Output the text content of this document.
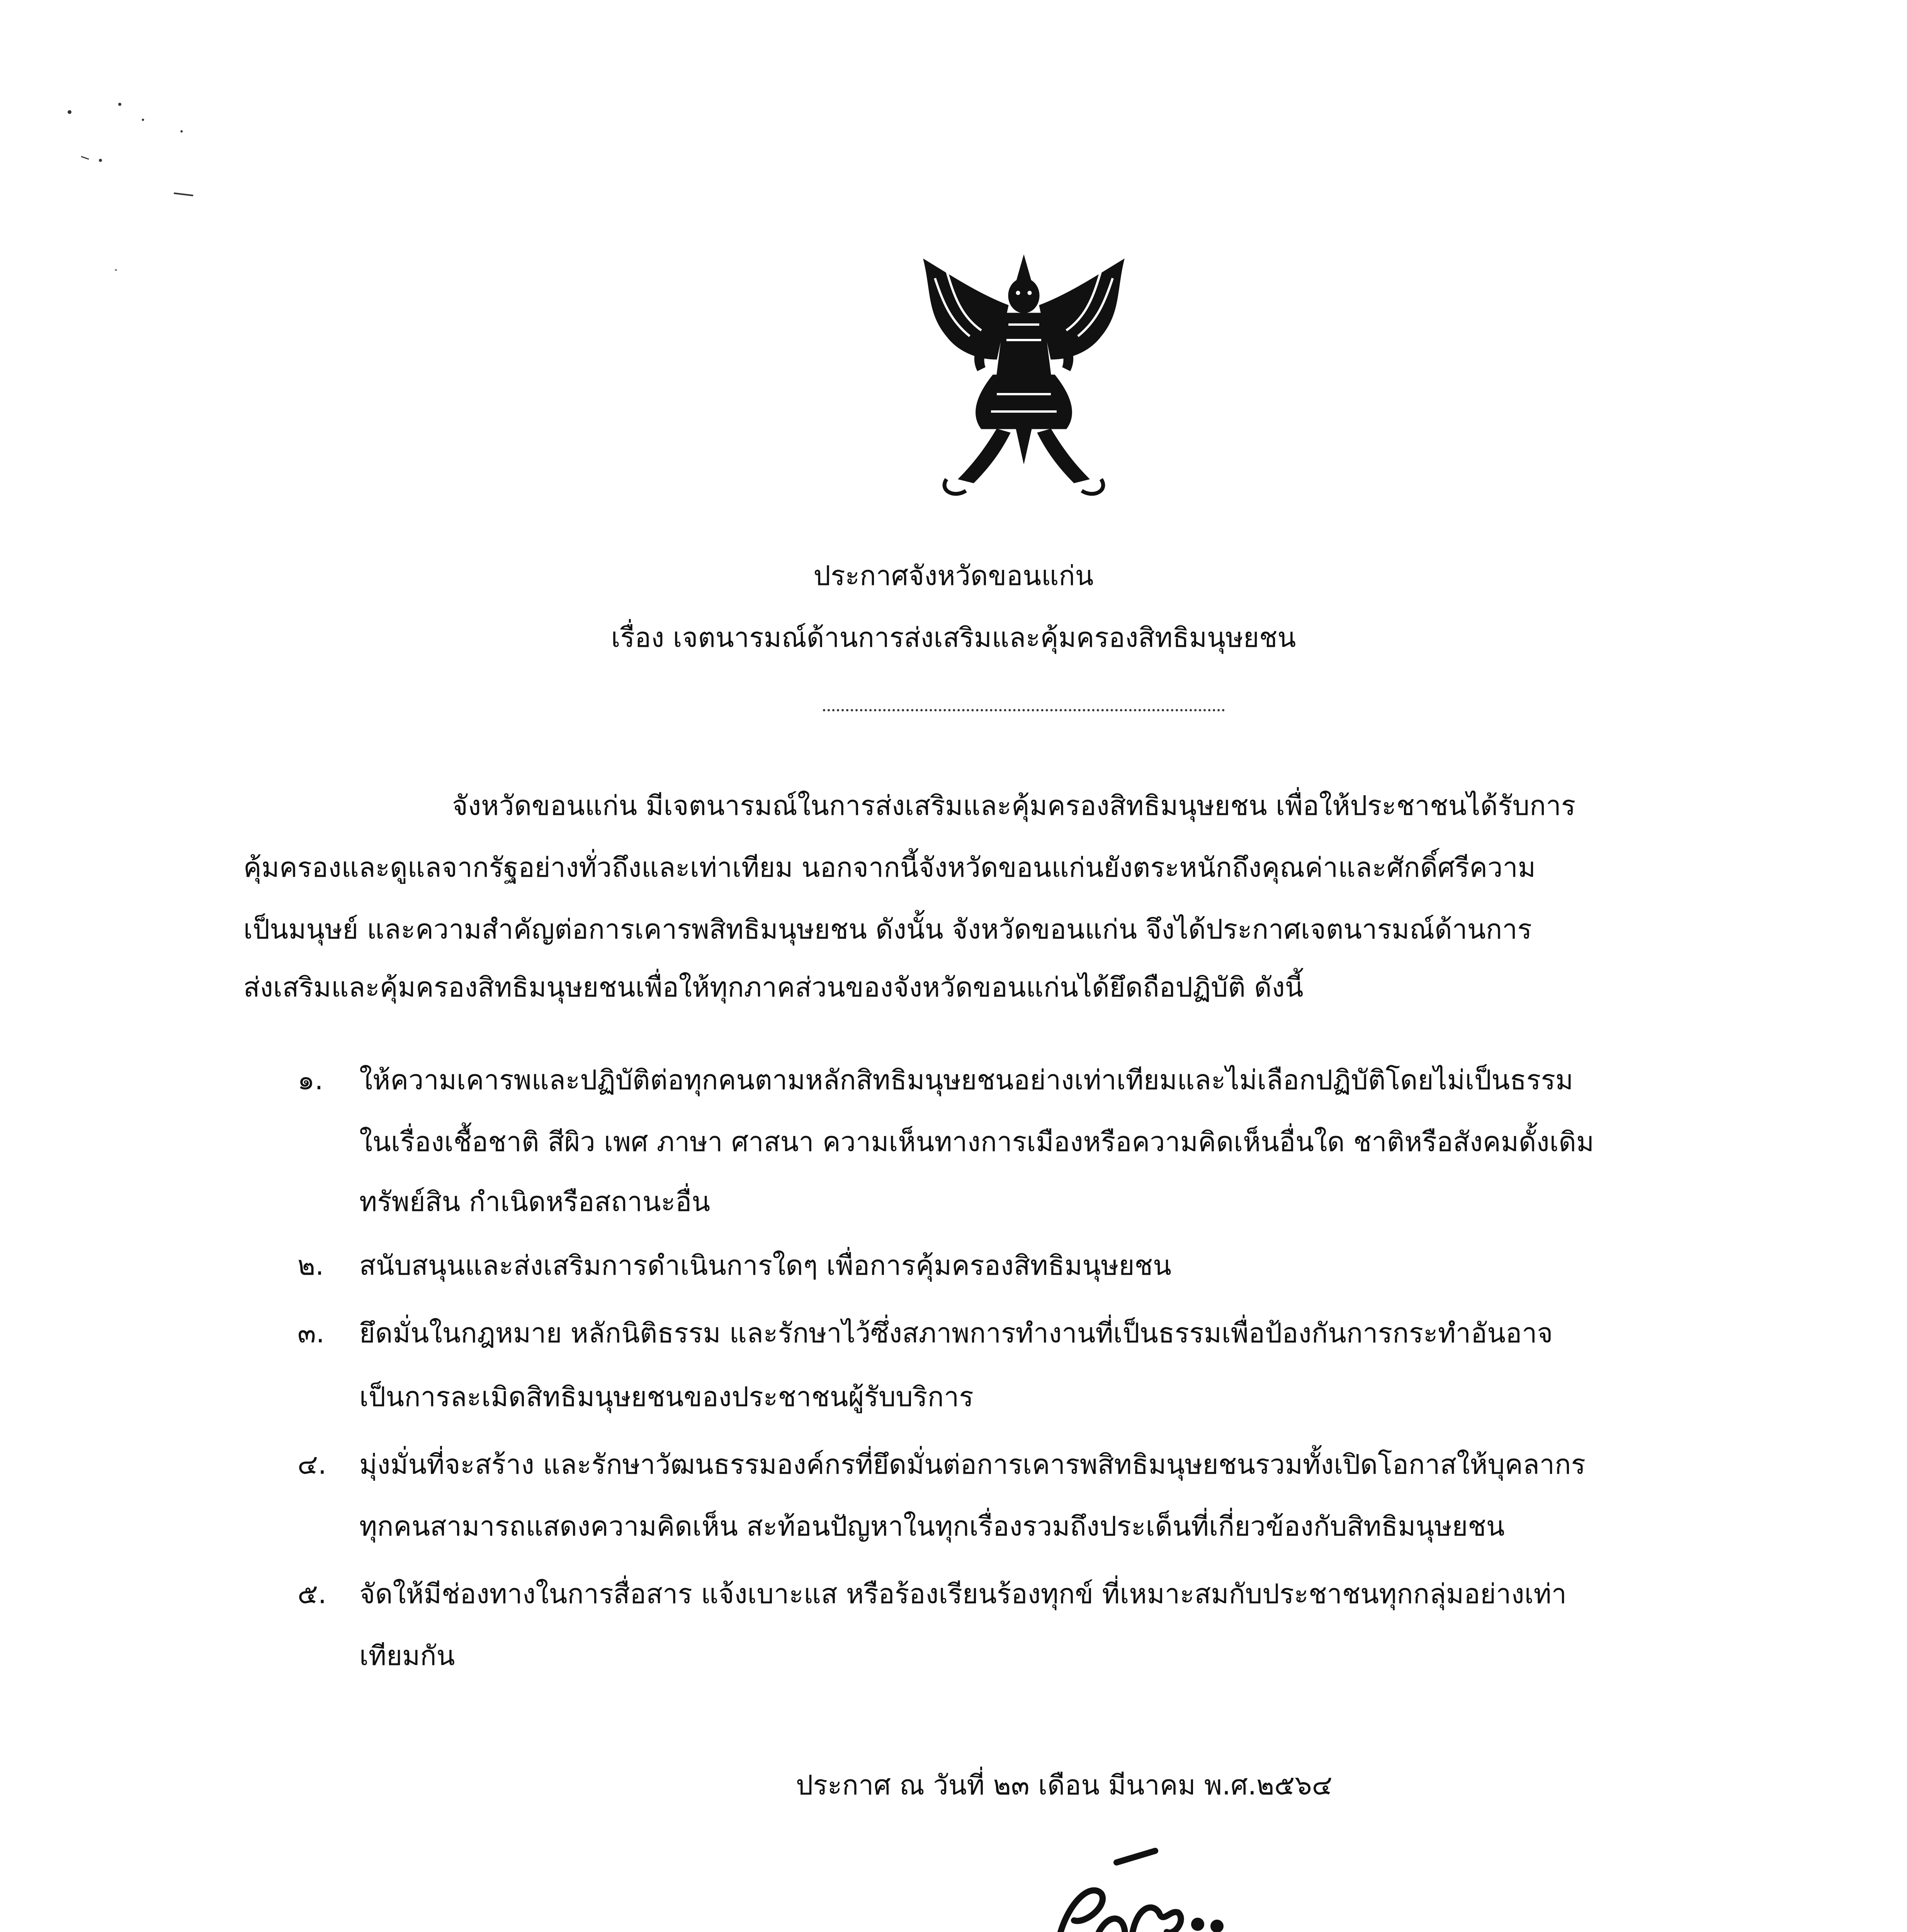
ประกาศจังหวัดขอนแก่น
เรื่อง เจตนารมณ์ด้านการส่งเสริมและคุ้มครองสิทธิมนุษยชน
จังหวัดขอนแก่น มีเจตนารมณ์ในการส่งเสริมและคุ้มครองสิทธิมนุษยชน เพื่อให้ประชาชนได้รับการ
คุ้มครองและดูแลจากรัฐอย่างทั่วถึงและเท่าเทียม นอกจากนี้จังหวัดขอนแก่นยังตระหนักถึงคุณค่าและศักดิ์ศรีความ
เป็นมนุษย์ และความสำคัญต่อการเคารพสิทธิมนุษยชน ดังนั้น จังหวัดขอนแก่น จึงได้ประกาศเจตนารมณ์ด้านการ
ส่งเสริมและคุ้มครองสิทธิมนุษยชนเพื่อให้ทุกภาคส่วนของจังหวัดขอนแก่นได้ยึดถือปฏิบัติ ดังนี้
๑. ให้ความเคารพและปฏิบัติต่อทุกคนตามหลักสิทธิมนุษยชนอย่างเท่าเทียมและไม่เลือกปฏิบัติโดยไม่เป็นธรรม
ในเรื่องเชื้อชาติ สีผิว เพศ ภาษา ศาสนา ความเห็นทางการเมืองหรือความคิดเห็นอื่นใด ชาติหรือสังคมดั้งเดิม
ทรัพย์สิน กำเนิดหรือสถานะอื่น
๒. สนับสนุนและส่งเสริมการดำเนินการใดๆ เพื่อการคุ้มครองสิทธิมนุษยชน
๓. ยึดมั่นในกฎหมาย หลักนิติธรรม และรักษาไว้ซึ่งสภาพการทำงานที่เป็นธรรมเพื่อป้องกันการกระทำอันอาจ
เป็นการละเมิดสิทธิมนุษยชนของประชาชนผู้รับบริการ
๔. มุ่งมั่นที่จะสร้าง และรักษาวัฒนธรรมองค์กรที่ยึดมั่นต่อการเคารพสิทธิมนุษยชนรวมทั้งเปิดโอกาสให้บุคลากร
ทุกคนสามารถแสดงความคิดเห็น สะท้อนปัญหาในทุกเรื่องรวมถึงประเด็นที่เกี่ยวข้องกับสิทธิมนุษยชน
๕. จัดให้มีช่องทางในการสื่อสาร แจ้งเบาะแส หรือร้องเรียนร้องทุกข์ ที่เหมาะสมกับประชาชนทุกกลุ่มอย่างเท่า
เทียมกัน
ประกาศ ณ วันที่ ๒๓ เดือน มีนาคม พ.ศ.๒๕๖๔
